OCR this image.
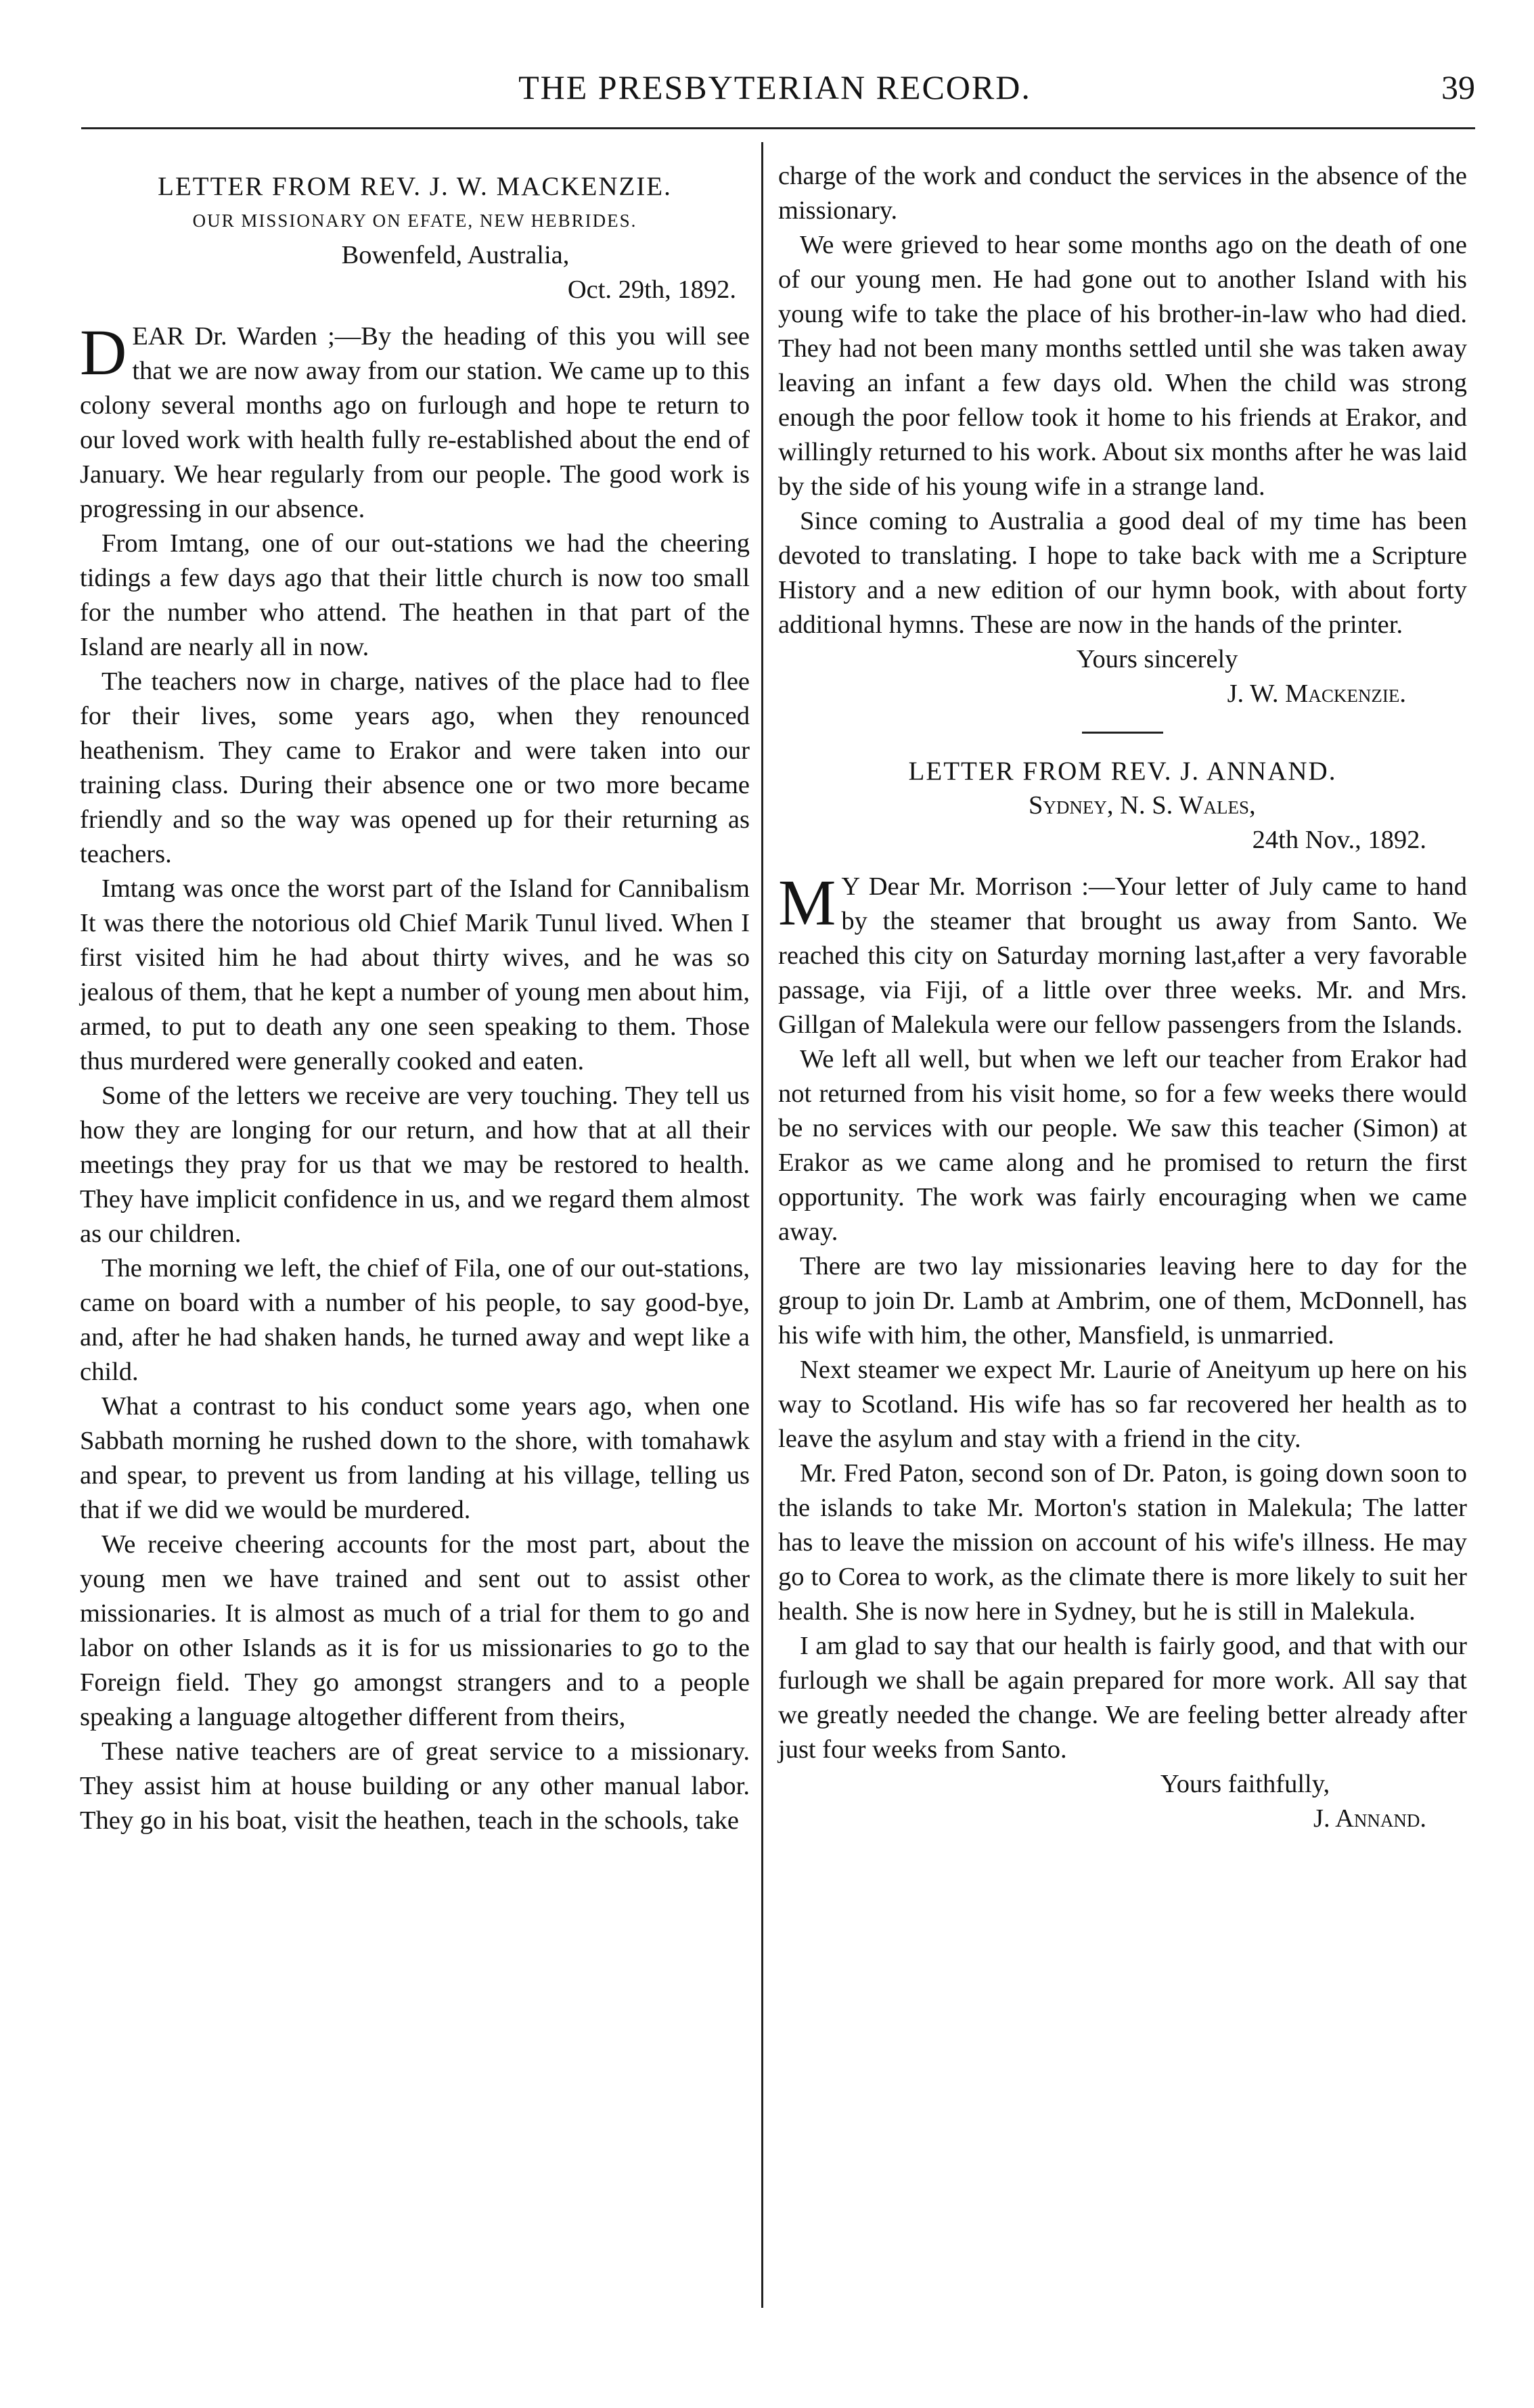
THE PRESBYTERIAN RECORD.	39

LETTER FROM REV. J. W. MACKENZIE.

OUR MISSIONARY ON EFATE, NEW HEBRIDES.

Bowenfeld, Australia,

Oct. 29th, 1892.

DEAR Dr. Warden ;—By the heading of this you will see that we are now away from our station. We came up to this colony several months ago on furlough and hope te return to our loved work with health fully re-established about the end of January. We hear regularly from our people. The good work is progressing in our absence.

From Imtang, one of our out-stations we had the cheering tidings a few days ago that their little church is now too small for the number who attend. The heathen in that part of the Island are nearly all in now.

The teachers now in charge, natives of the place had to flee for their lives, some years ago, when they renounced heathenism. They came to Erakor and were taken into our training class. During their absence one or two more became friendly and so the way was opened up for their returning as teachers.

Imtang was once the worst part of the Island for Cannibalism It was there the notorious old Chief Marik Tunul lived. When I first visited him he had about thirty wives, and he was so jealous of them, that he kept a number of young men about him, armed, to put to death any one seen speaking to them. Those thus murdered were generally cooked and eaten.

Some of the letters we receive are very touching. They tell us how they are longing for our return, and how that at all their meetings they pray for us that we may be restored to health. They have implicit confidence in us, and we regard them almost as our children.

The morning we left, the chief of Fila, one of our out-stations, came on board with a number of his people, to say good-bye, and, after he had shaken hands, he turned away and wept like a child.

What a contrast to his conduct some years ago, when one Sabbath morning he rushed down to the shore, with tomahawk and spear, to prevent us from landing at his village, telling us that if we did we would be murdered.

We receive cheering accounts for the most part, about the young men we have trained and sent out to assist other missionaries. It is almost as much of a trial for them to go and labor on other Islands as it is for us missionaries to go to the Foreign field. They go amongst strangers and to a people speaking a language altogether different from theirs,

These native teachers are of great service to a missionary. They assist him at house building or any other manual labor. They go in his boat, visit the heathen, teach in the schools, take

charge of the work and conduct the services in the absence of the missionary.

We were grieved to hear some months ago on the death of one of our young men. He had gone out to another Island with his young wife to take the place of his brother-in-law who had died. They had not been many months settled until she was taken away leaving an infant a few days old. When the child was strong enough the poor fellow took it home to his friends at Erakor, and willingly returned to his work. About six months after he was laid by the side of his young wife in a strange land.

Since coming to Australia a good deal of my time has been devoted to translating. I hope to take back with me a Scripture History and a new edition of our hymn book, with about forty additional hymns. These are now in the hands of the printer.

Yours sincerely

J. W. Mackenzie.

LETTER FROM REV. J. ANNAND.

Sydney, N. S. Wales,

24th Nov., 1892.

M Y Dear Mr. Morrison :—Your letter of July came to hand by the steamer that brought us away from Santo. We reached this city on Saturday morning last,after a very favorable passage, via Fiji, of a little over three weeks. Mr. and Mrs. Gillgan of Malekula were our fellow passengers from the Islands.

We left all well, but when we left our teacher from Erakor had not returned from his visit home, so for a few weeks there would be no services with our people. We saw this teacher (Simon) at Erakor as we came along and he promised to return the first opportunity. The work was fairly encouraging when we came away.

There are two lay missionaries leaving here to day for the group to join Dr. Lamb at Ambrim, one of them, McDonnell, has his wife with him, the other, Mansfield, is unmarried.

Next steamer we expect Mr. Laurie of Aneityum up here on his way to Scotland. His wife has so far recovered her health as to leave the asylum and stay with a friend in the city.

Mr. Fred Paton, second son of Dr. Paton, is going down soon to the islands to take Mr. Morton's station in Malekula; The latter has to leave the mission on account of his wife's illness. He may go to Corea to work, as the climate there is more likely to suit her health. She is now here in Sydney, but he is still in Malekula.

I am glad to say that our health is fairly good, and that with our furlough we shall be again prepared for more work. All say that we greatly needed the change. We are feeling better already after just four weeks from Santo.

Yours faithfully,

J. Annand.
